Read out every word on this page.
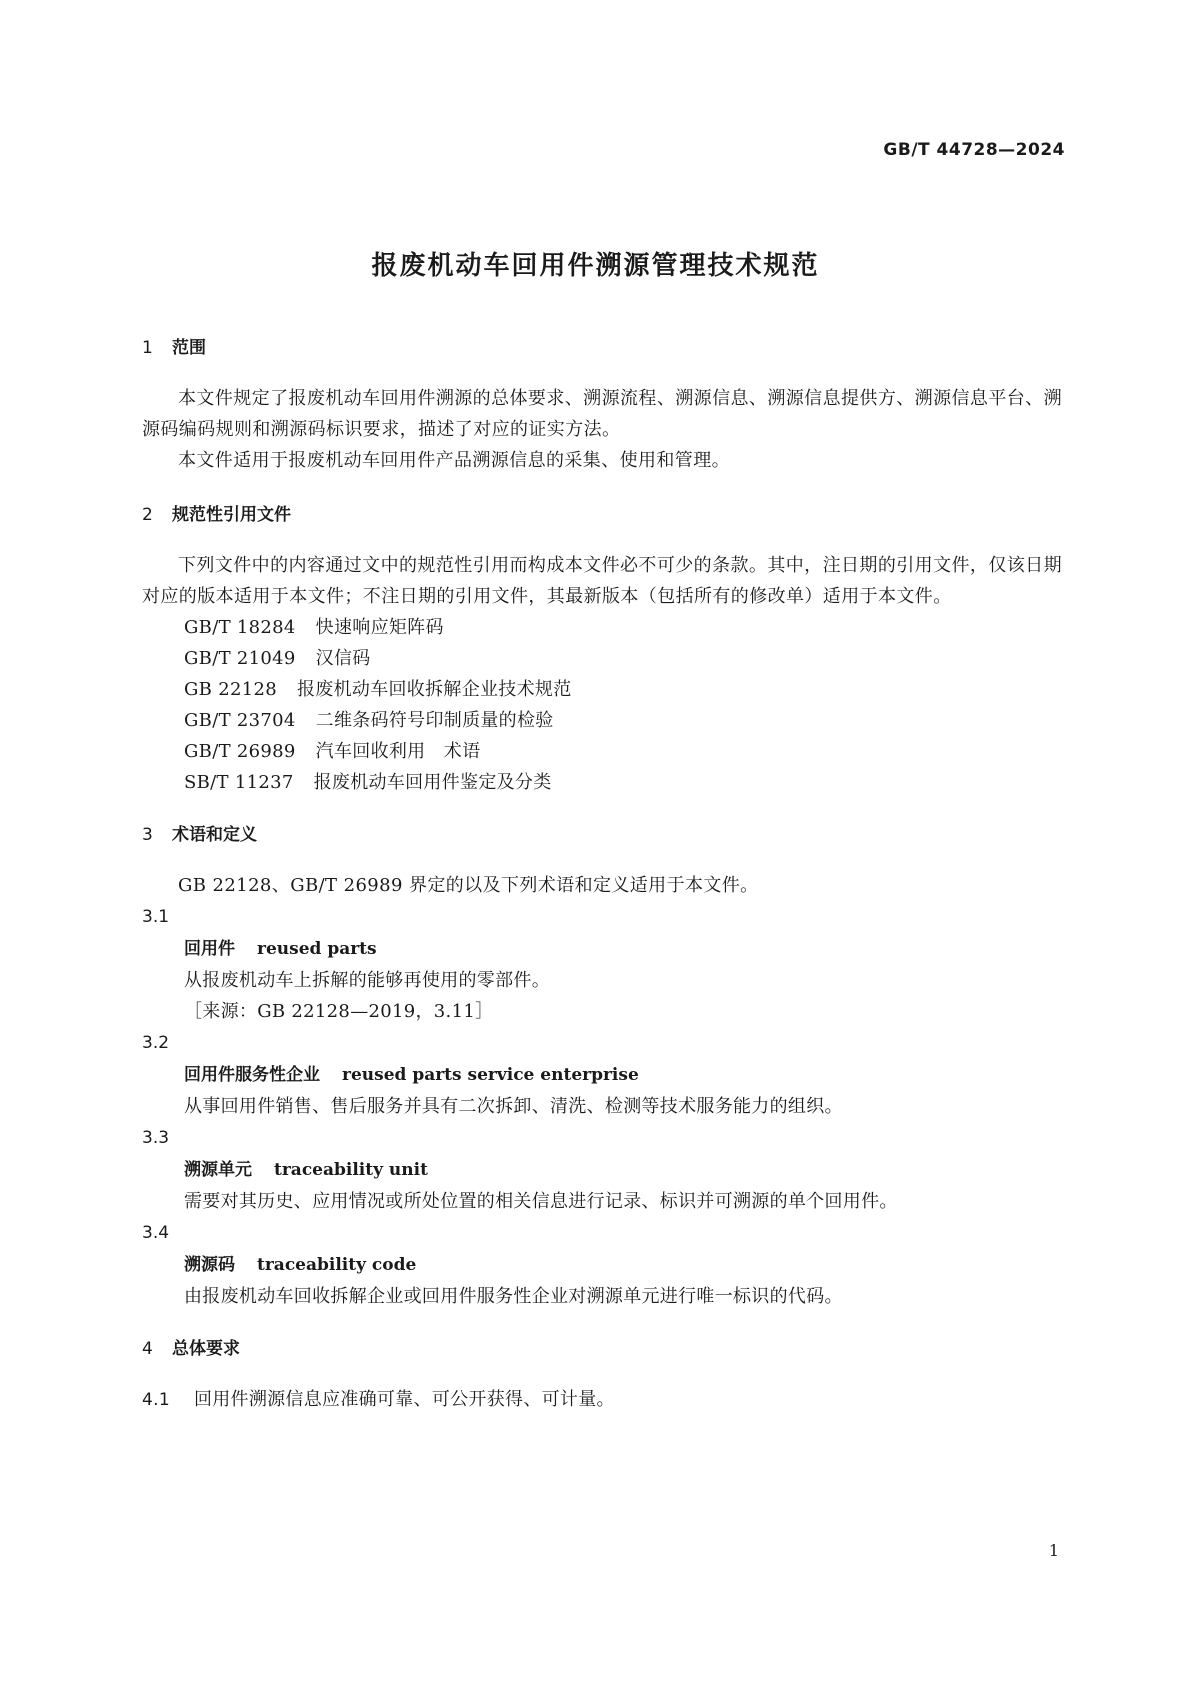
GB/T 44728—2024
报废机动车回用件溯源管理技术规范
1 范围
本文件规定了报废机动车回用件溯源的总体要求、溯源流程、溯源信息、溯源信息提供方、溯源信息平台、溯源码编码规则和溯源码标识要求，描述了对应的证实方法。
本文件适用于报废机动车回用件产品溯源信息的采集、使用和管理。
2 规范性引用文件
下列文件中的内容通过文中的规范性引用而构成本文件必不可少的条款。其中，注日期的引用文件，仅该日期对应的版本适用于本文件；不注日期的引用文件，其最新版本（包括所有的修改单）适用于本文件。
GB/T 18284 快速响应矩阵码
GB/T 21049 汉信码
GB 22128 报废机动车回收拆解企业技术规范
GB/T 23704 二维条码符号印制质量的检验
GB/T 26989 汽车回收利用　术语
SB/T 11237 报废机动车回用件鉴定及分类
3 术语和定义
GB 22128、GB/T 26989 界定的以及下列术语和定义适用于本文件。
3.1
回用件 reused parts
从报废机动车上拆解的能够再使用的零部件。
［来源：GB 22128—2019，3.11］
3.2
回用件服务性企业 reused parts service enterprise
从事回用件销售、售后服务并具有二次拆卸、清洗、检测等技术服务能力的组织。
3.3
溯源单元 traceability unit
需要对其历史、应用情况或所处位置的相关信息进行记录、标识并可溯源的单个回用件。
3.4
溯源码 traceability code
由报废机动车回收拆解企业或回用件服务性企业对溯源单元进行唯一标识的代码。
4 总体要求
4.1 回用件溯源信息应准确可靠、可公开获得、可计量。
1
